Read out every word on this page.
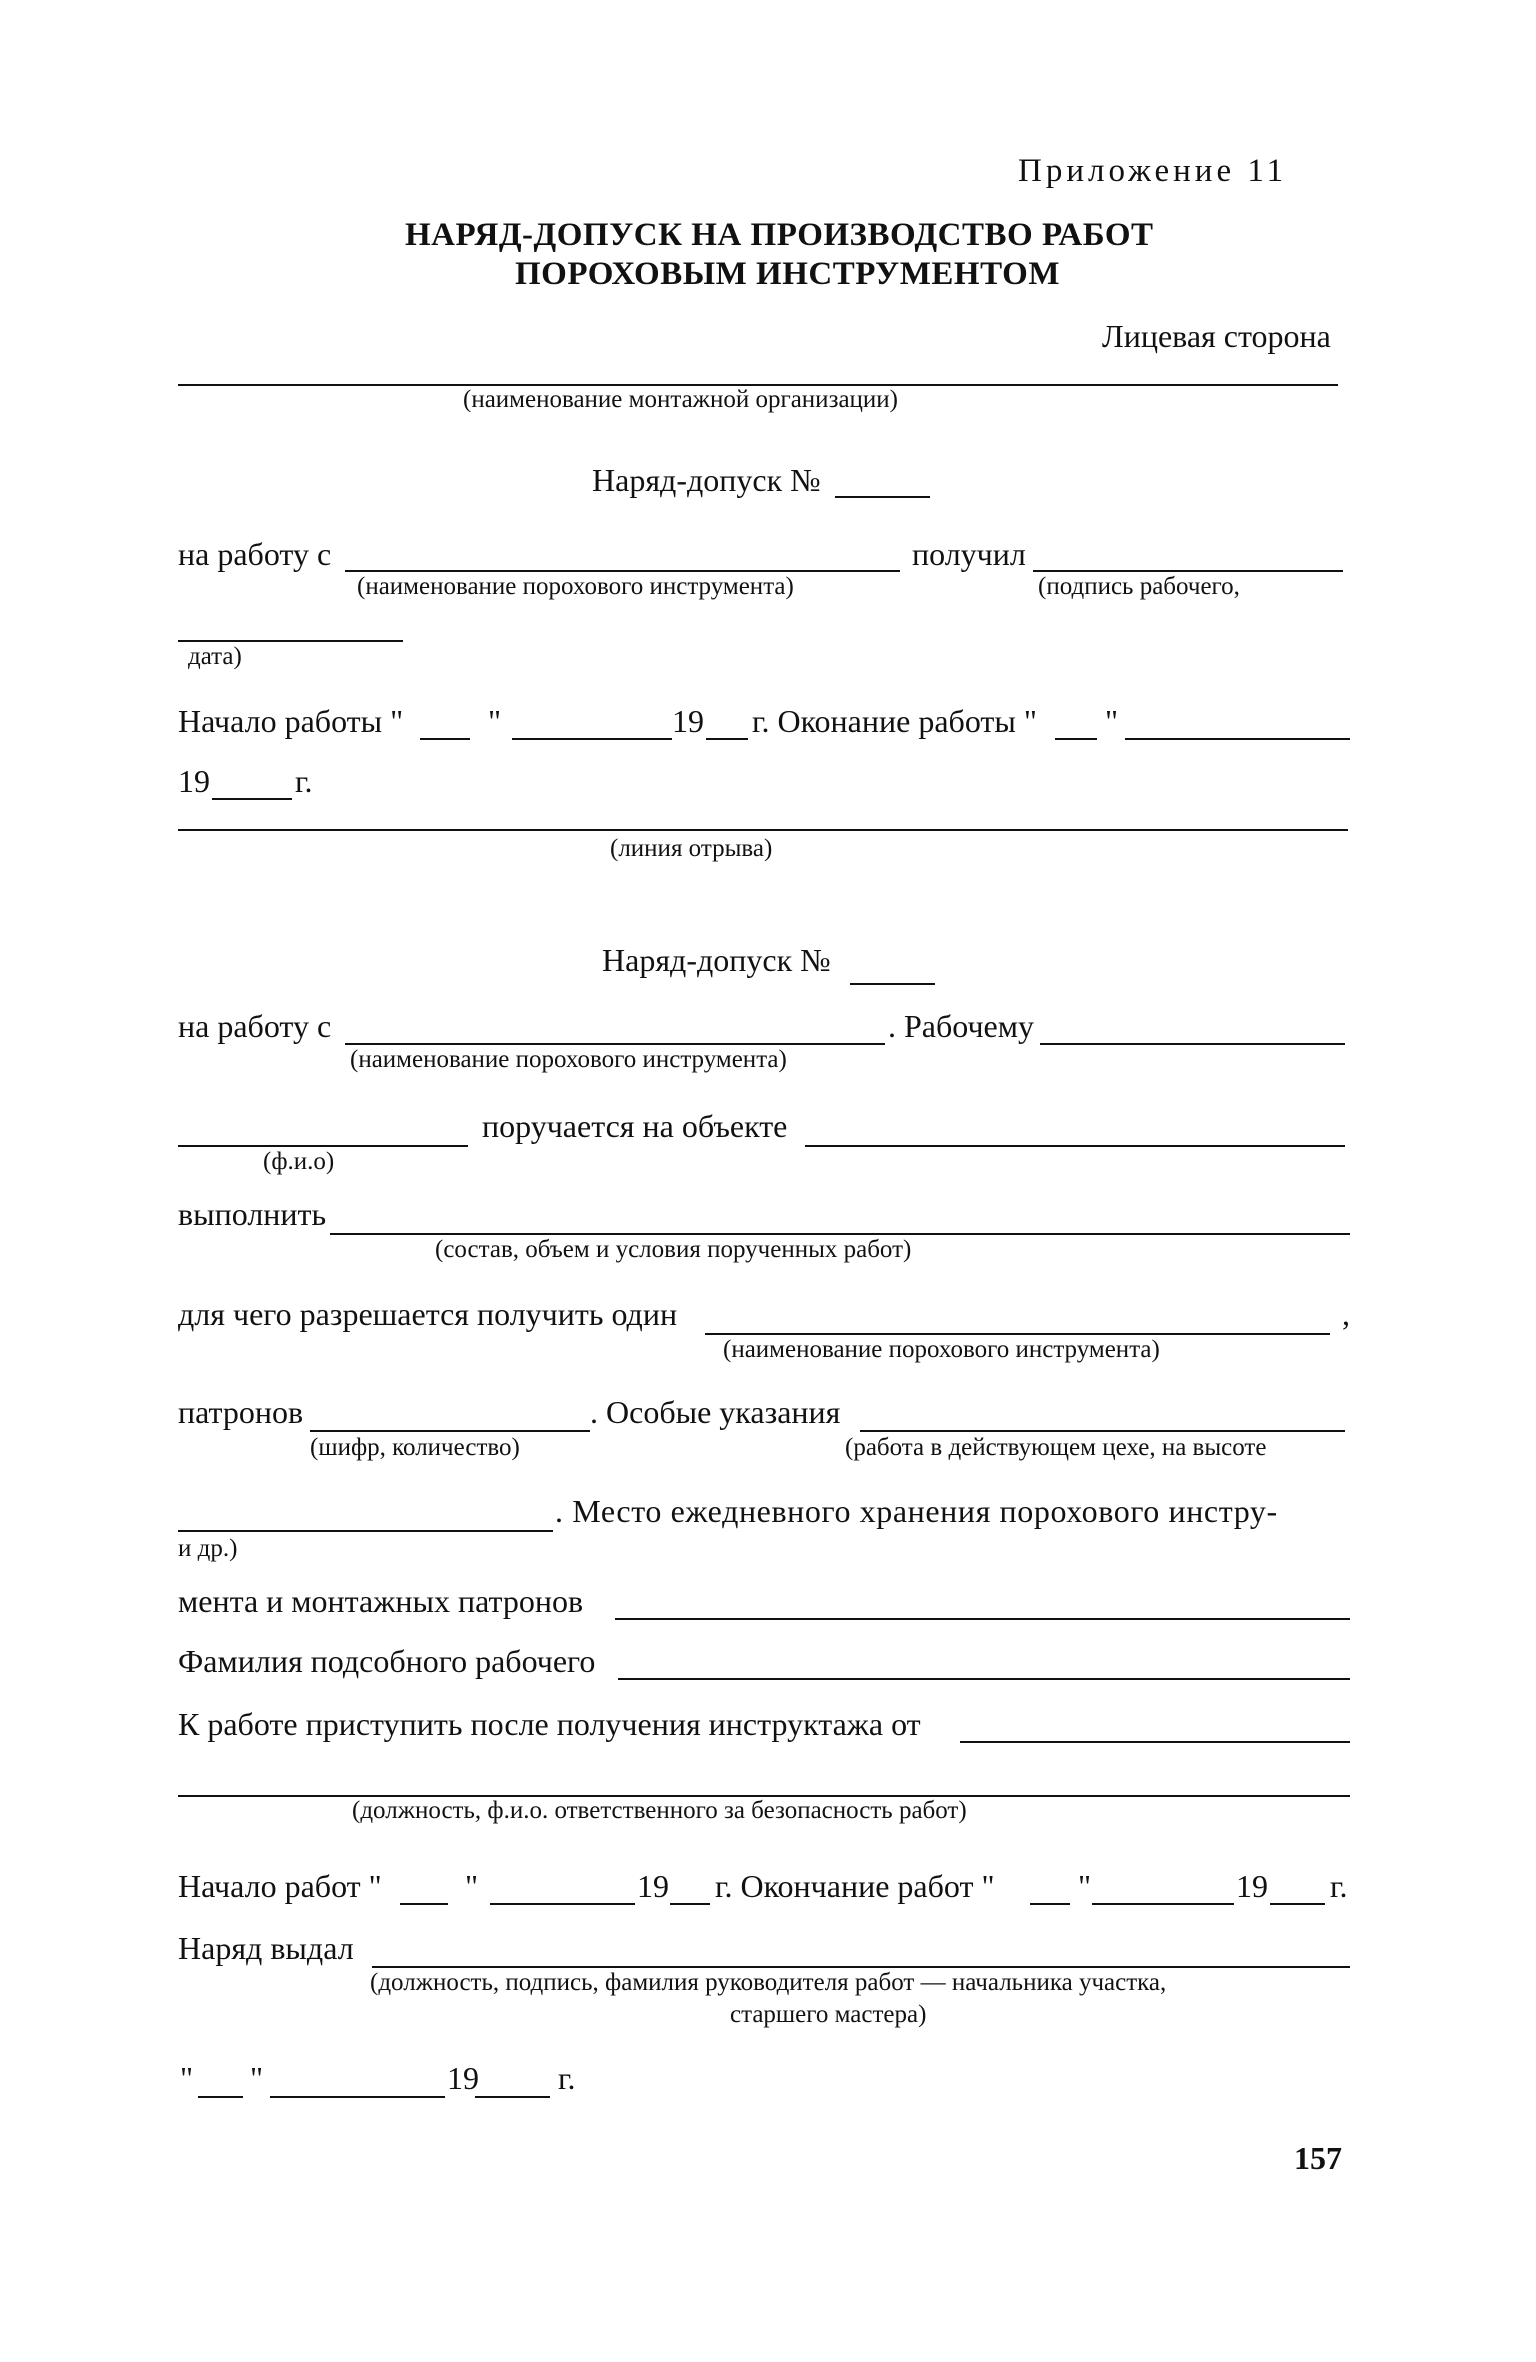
Приложение 11
НАРЯД-ДОПУСК НА ПРОИЗВОДСТВО РАБОТ
ПОРОХОВЫМ ИНСТРУМЕНТОМ
Лицевая сторона
(наименование монтажной организации)
Наряд-допуск №
на работу с
(наименование порохового инструмента)
получил
(подпись рабочего,
дата)
Начало работы "	"	19 г. Оконание работы " "
19	г.
(линия отрыва)
Наряд-допуск №
на работу с	. Рабочему
(наименование порохового инструмента)
поручается на объекте
(ф.и.о)
выполнить
(состав, объем и условия порученных работ)
для чего разрешается получить один	,
(наименование порохового инструмента)
патронов	. Особые указания
(шифр, количество)	(работа в действующем цехе, на высоте
. Место ежедневного хранения порохового инстру-
и др.)
мента и монтажных патронов
Фамилия подсобного рабочего
К работе приступить после получения инструктажа от
(должность, ф.и.о. ответственного за безопасность работ)
Начало работ "	"	19 г. Окончание работ "	"	19 г.
Наряд выдал
(должность, подпись, фамилия руководителя работ — начальника участка,
старшего мастера)
" "	19 г.
157
